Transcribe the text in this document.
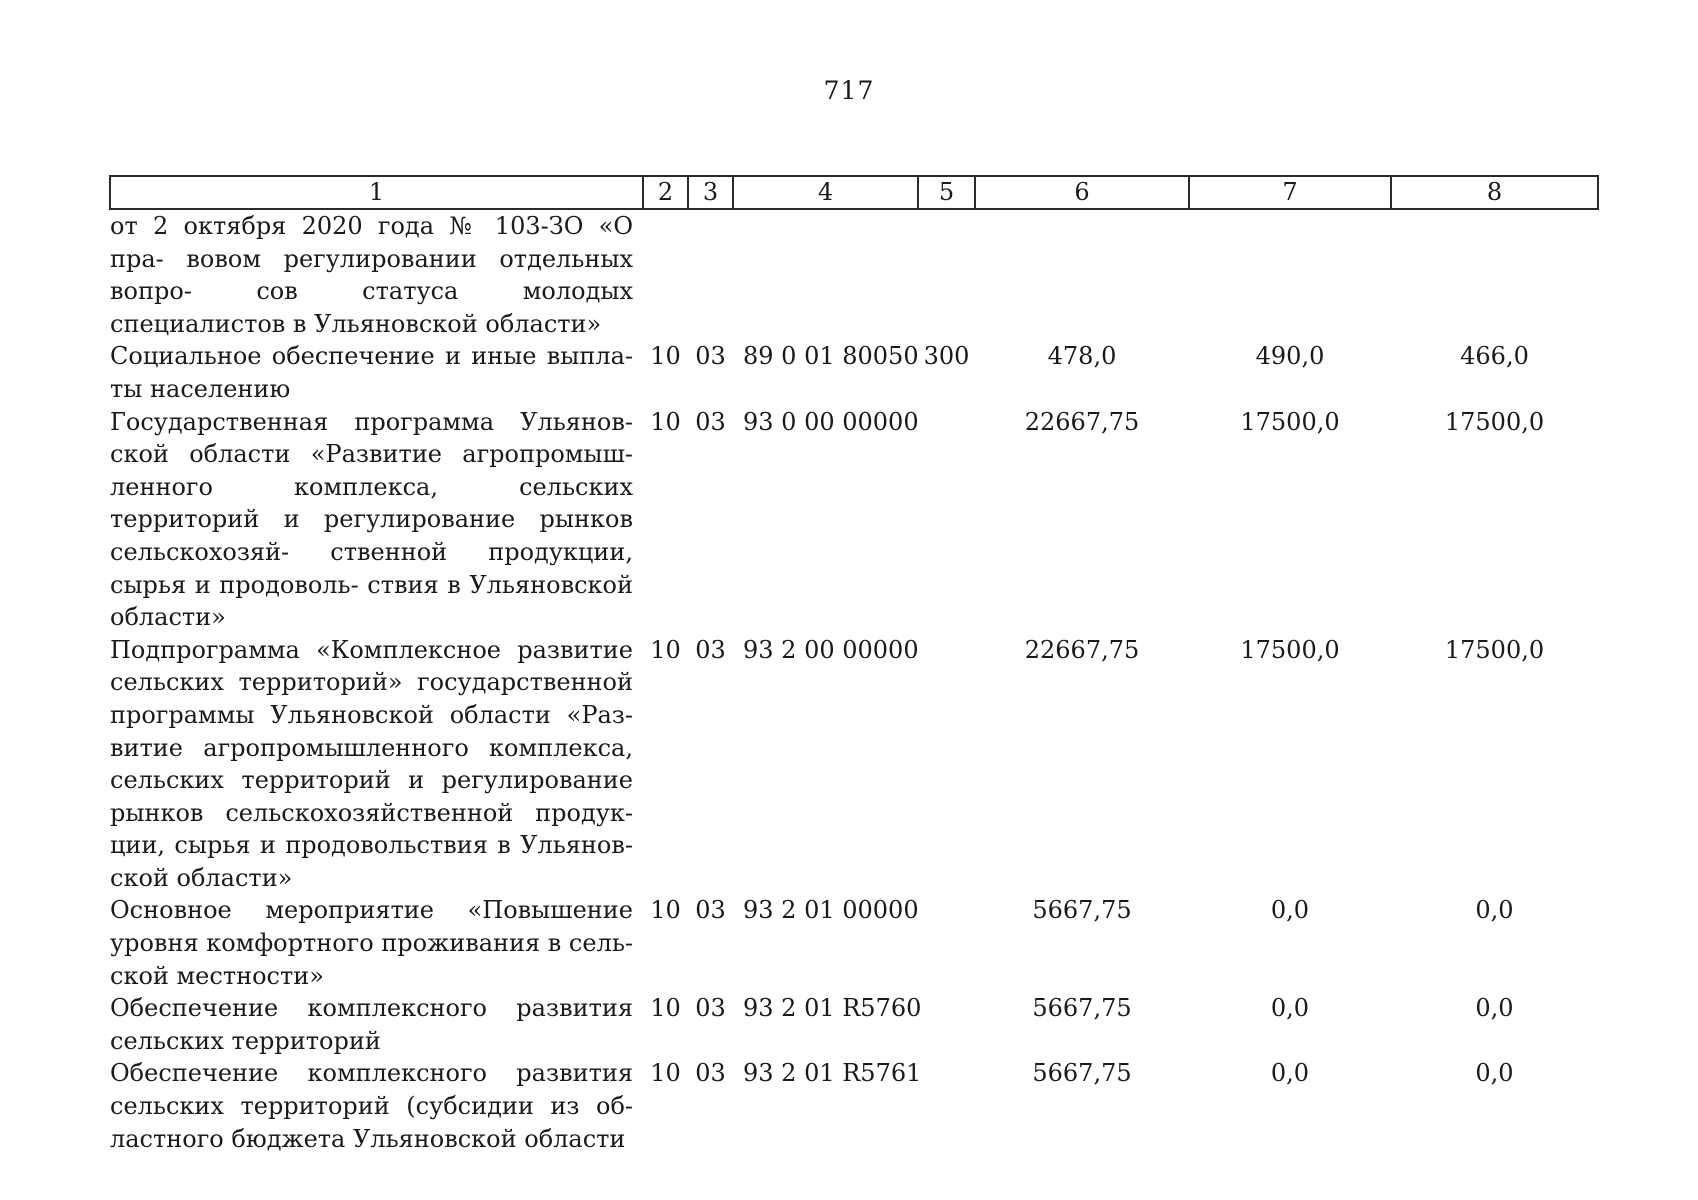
717
1	2	3	4	5	6	7	8
от 2 октября 2020 года № 103-ЗО «О пра- вовом регулировании отдельных вопро- сов статуса молодых специалистов в Ульяновской области»							
Социальное обеспечение и иные выпла- ты населению	10	03	89 0 01 80050	300	478,0	490,0	466,0
Государственная программа Ульянов- ской области «Развитие агропромыш- ленного комплекса, сельских территорий и регулирование рынков сельскохозяй- ственной продукции, сырья и продоволь- ствия в Ульяновской области»	10	03	93 0 00 00000		22667,75	17500,0	17500,0
Подпрограмма «Комплексное развитие сельских территорий» государственной программы Ульяновской области «Раз- витие агропромышленного комплекса, сельских территорий и регулирование рынков сельскохозяйственной продук- ции, сырья и продовольствия в Ульянов- ской области»	10	03	93 2 00 00000		22667,75	17500,0	17500,0
Основное мероприятие «Повышение уровня комфортного проживания в сель- ской местности»	10	03	93 2 01 00000		5667,75	0,0	0,0
Обеспечение комплексного развития сельских территорий	10	03	93 2 01 R5760		5667,75	0,0	0,0
Обеспечение комплексного развития сельских территорий (субсидии из об- ластного бюджета Ульяновской области	10	03	93 2 01 R5761		5667,75	0,0	0,0
